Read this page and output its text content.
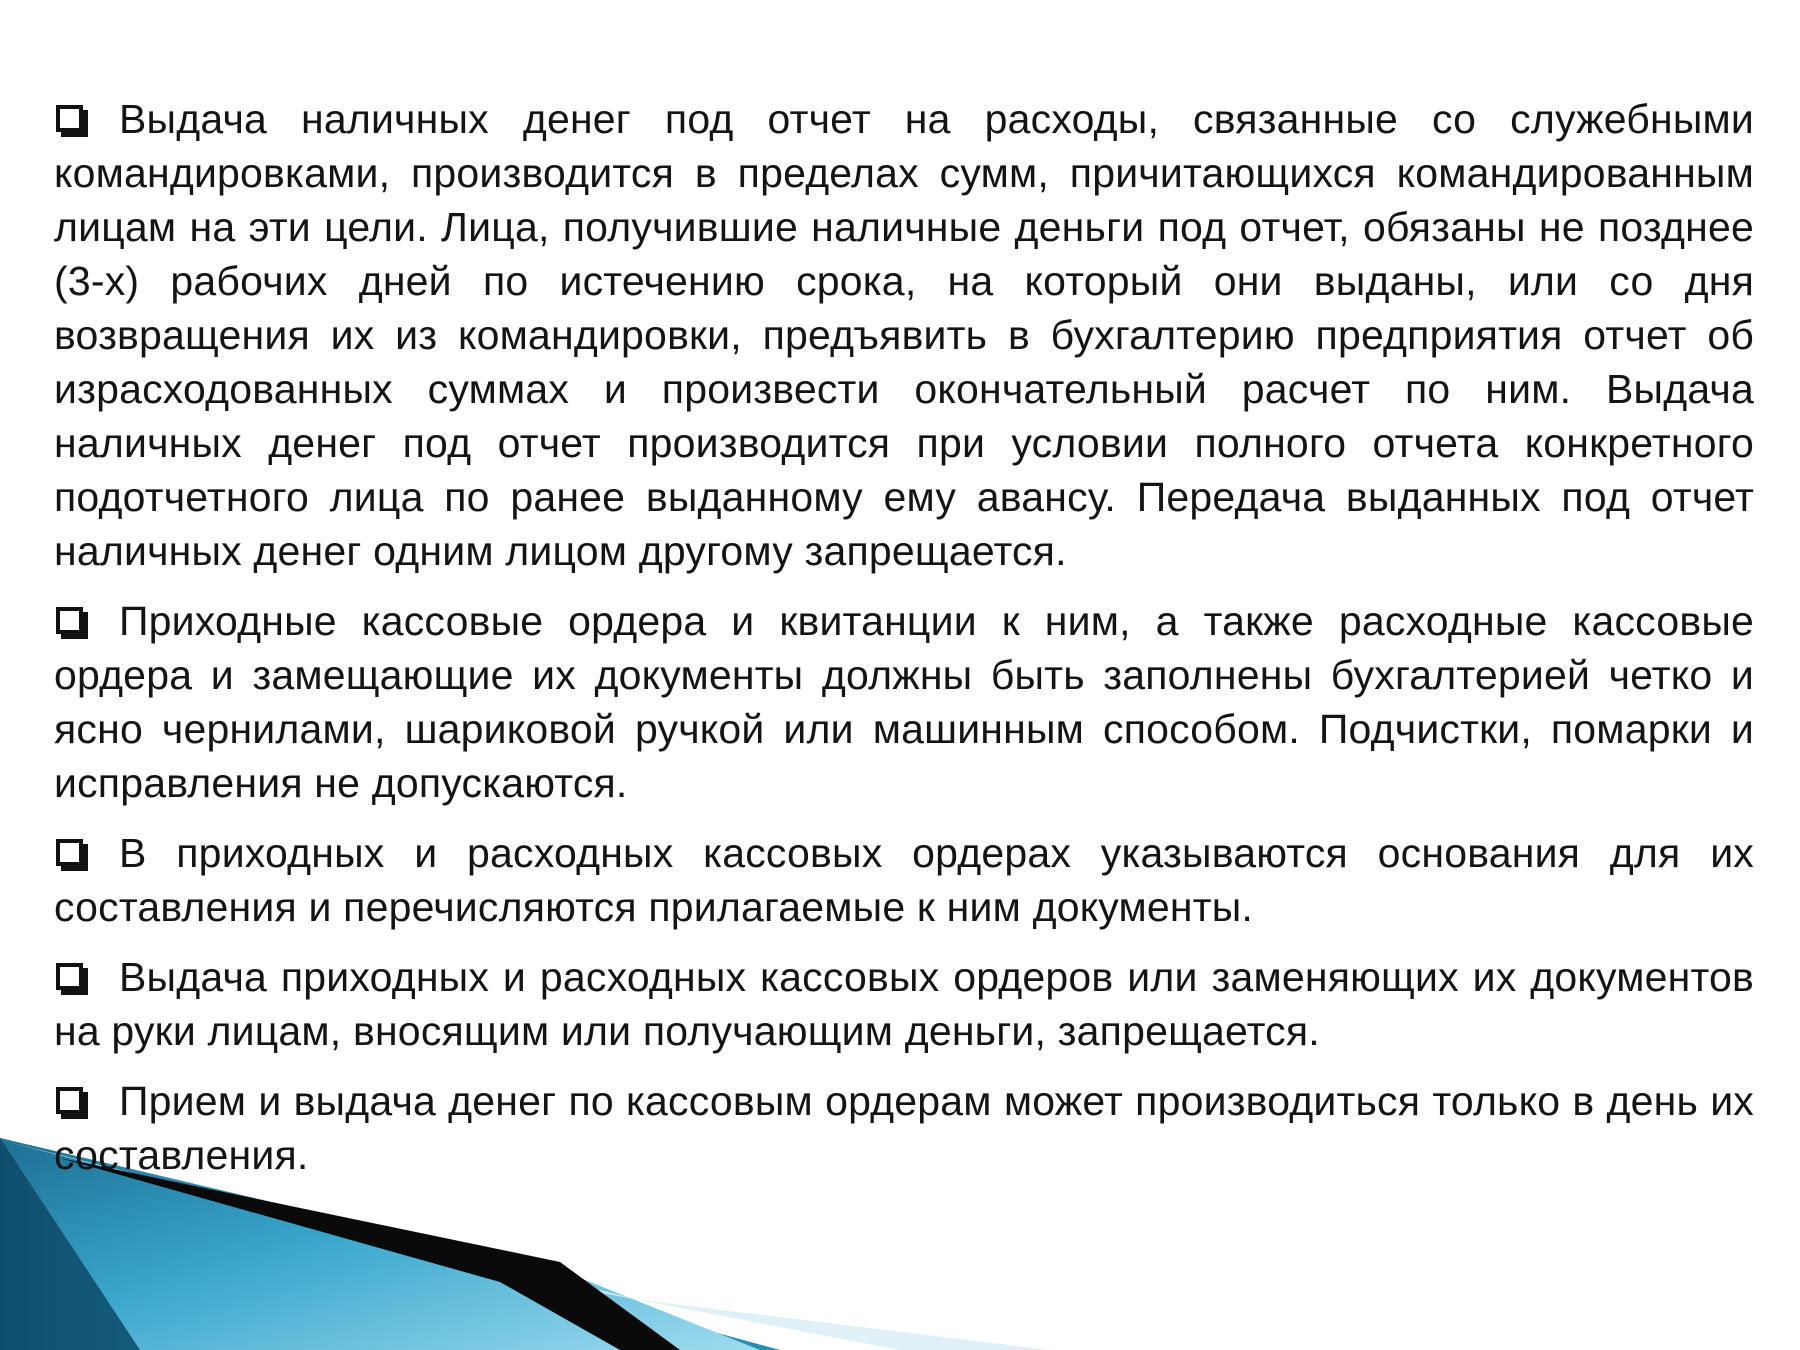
Выдача наличных денег под отчет на расходы, связанные со служебными командировками, производится в пределах сумм, причитающихся командированным лицам на эти цели. Лица, получившие наличные деньги под отчет, обязаны не позднее (3-х) рабочих дней по истечению срока, на который они выданы, или со дня возвращения их из командировки, предъявить в бухгалтерию предприятия отчет об израсходованных суммах и произвести окончательный расчет по ним. Выдача наличных денег под отчет производится при условии полного отчета конкретного подотчетного лица по ранее выданному ему авансу. Передача выданных под отчет наличных денег одним лицом другому запрещается.

Приходные кассовые ордера и квитанции к ним, а также расходные кассовые ордера и замещающие их документы должны быть заполнены бухгалтерией четко и ясно чернилами, шариковой ручкой или машинным способом. Подчистки, помарки и исправления не допускаются.

В приходных и расходных кассовых ордерах указываются основания для их составления и перечисляются прилагаемые к ним документы.

Выдача приходных и расходных кассовых ордеров или заменяющих их документов на руки лицам, вносящим или получающим деньги, запрещается.

Прием и выдача денег по кассовым ордерам может производиться только в день их составления.
